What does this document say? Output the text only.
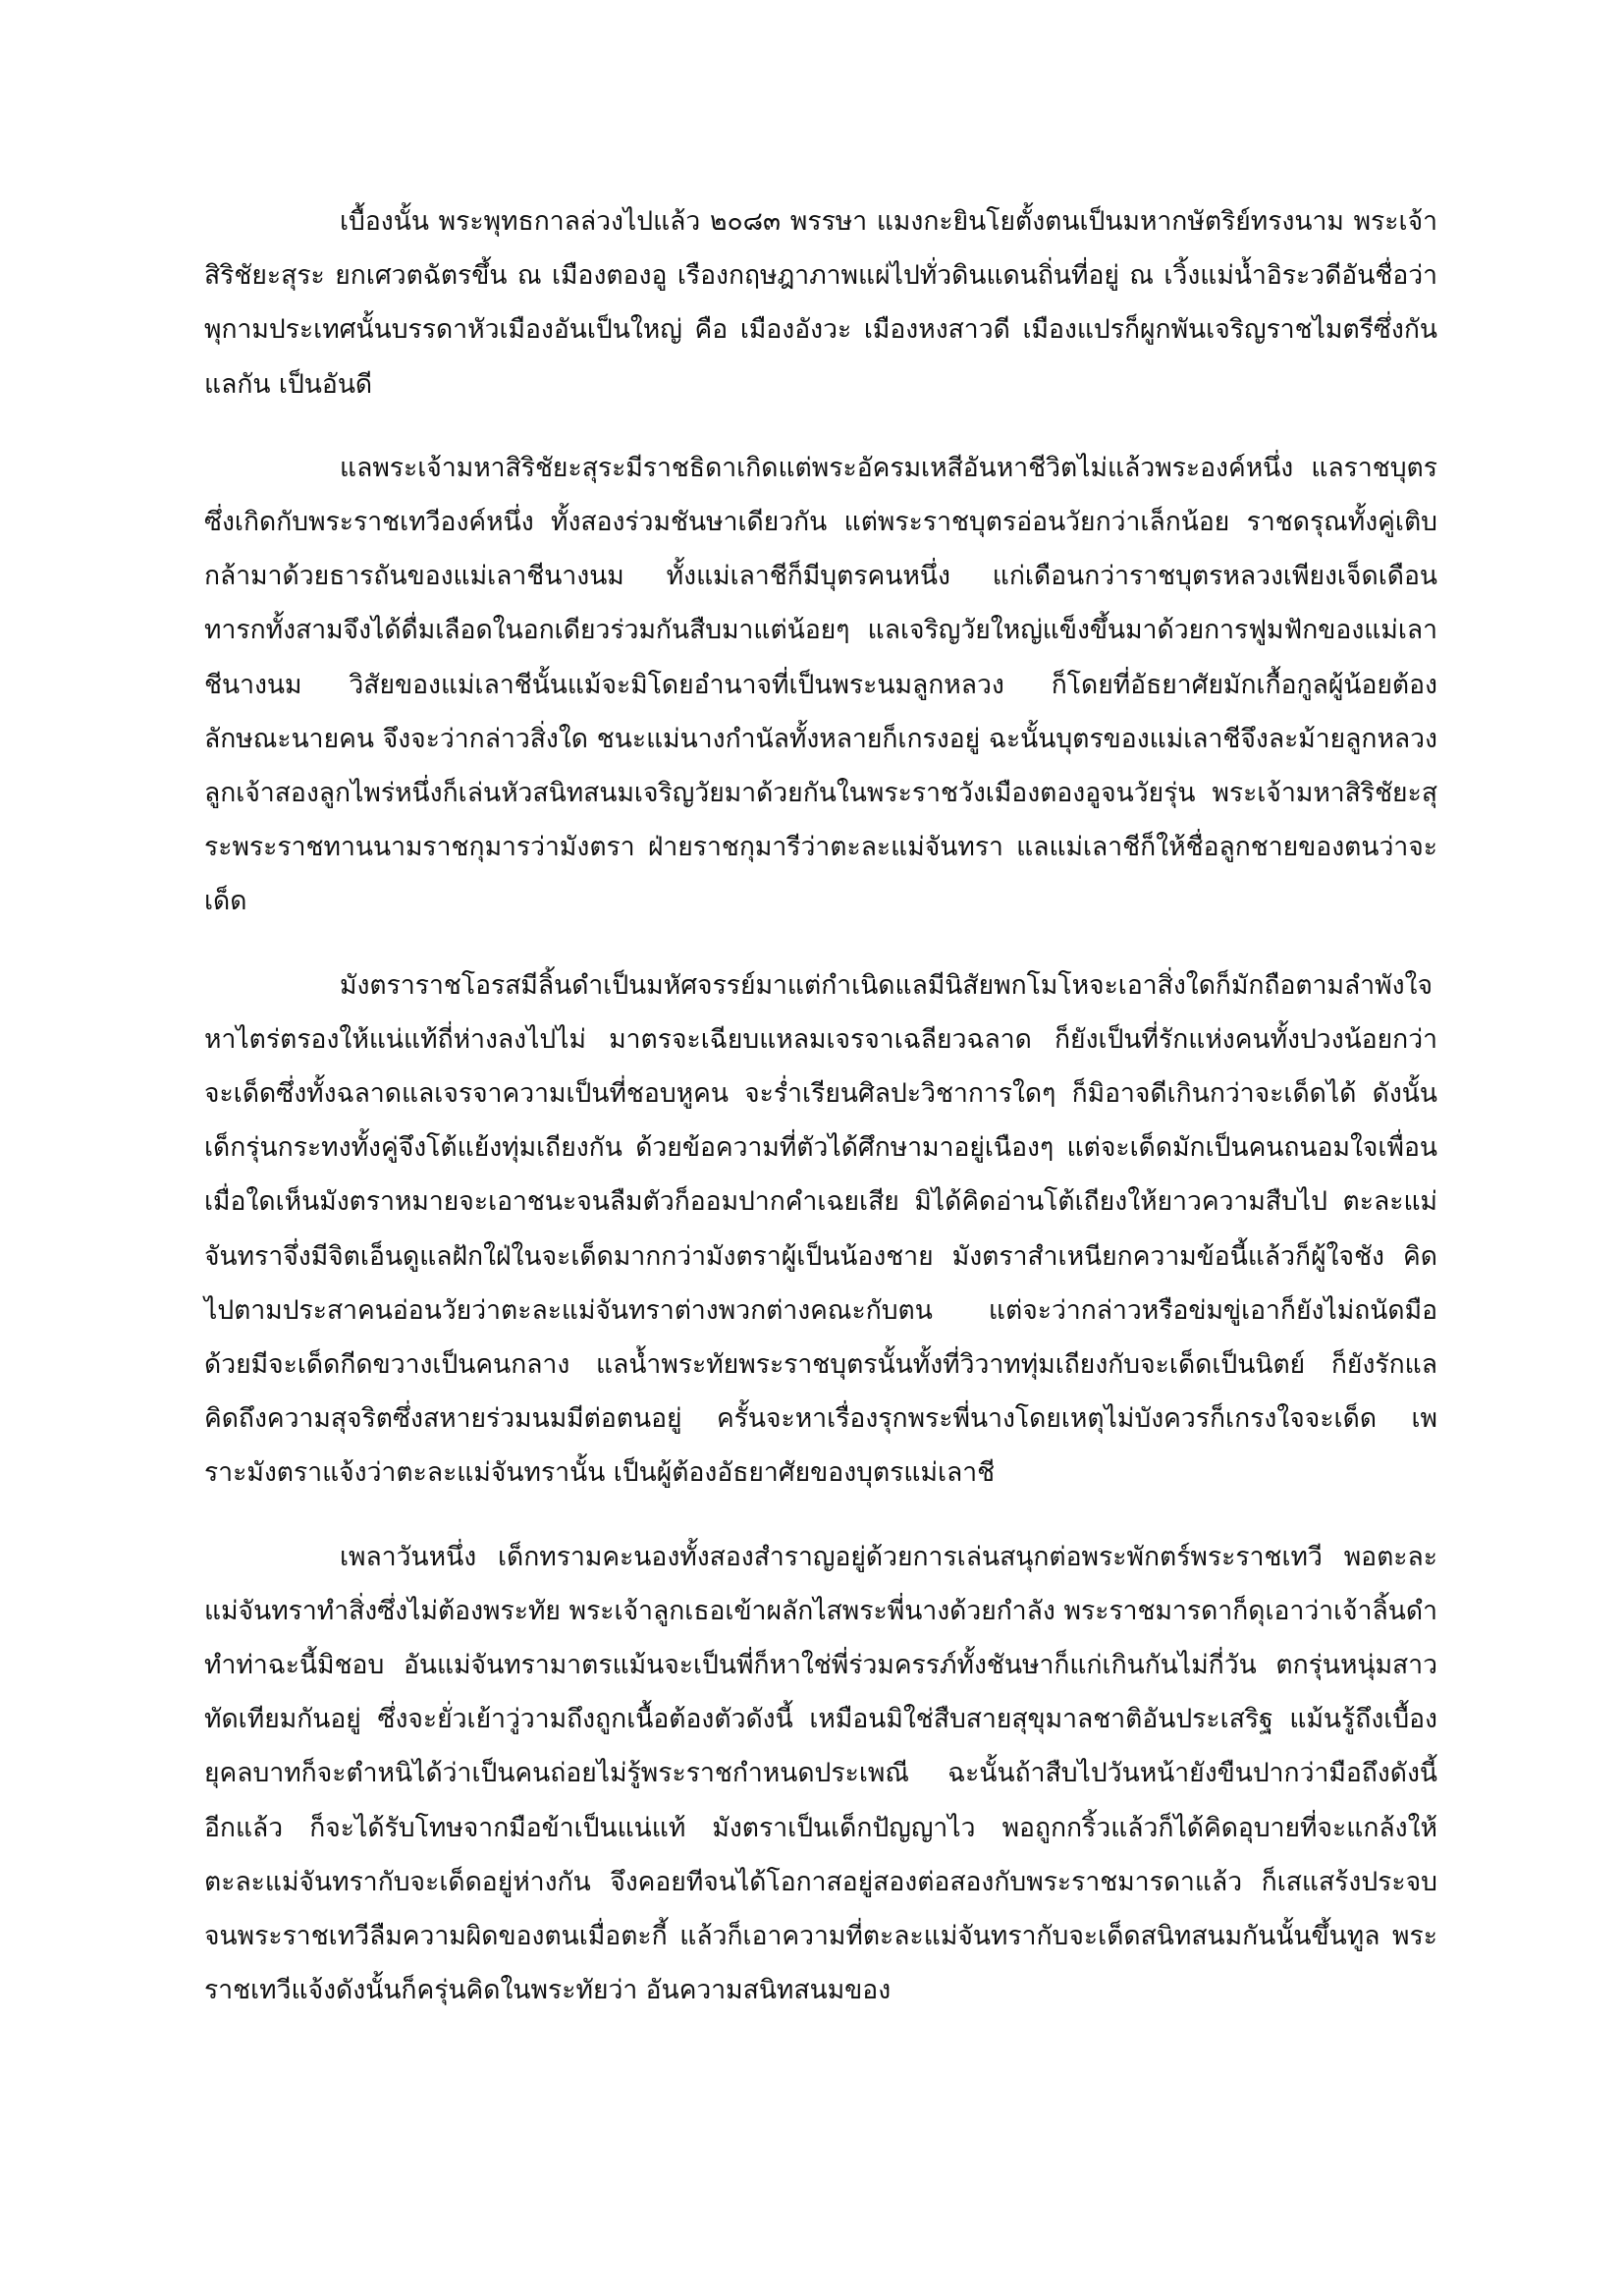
เบื้องนั้น พระพุทธกาลล่วงไปแล้ว ๒๐๘๓ พรรษา แมงกะยินโยตั้งตนเป็นมหากษัตริย์ทรงนาม พระเจ้าสิริชัยะสุระ ยกเศวตฉัตรขึ้น ณ เมืองตองอู เรืองกฤษฎาภาพแผ่ไปทั่วดินแดนถิ่นที่อยู่ ณ เวิ้งแม่น้ำอิระวดีอันชื่อว่าพุกามประเทศนั้นบรรดาหัวเมืองอันเป็นใหญ่ คือ เมืองอังวะ เมืองหงสาวดี เมืองแปรก็ผูกพันเจริญราชไมตรีซึ่งกันแลกัน เป็นอันดี

แลพระเจ้ามหาสิริชัยะสุระมีราชธิดาเกิดแต่พระอัครมเหสีอันหาชีวิตไม่แล้วพระองค์หนึ่ง แลราชบุตรซึ่งเกิดกับพระราชเทวีองค์หนึ่ง ทั้งสองร่วมชันษาเดียวกัน แต่พระราชบุตรอ่อนวัยกว่าเล็กน้อย ราชดรุณทั้งคู่เติบกล้ามาด้วยธารถันของแม่เลาชีนางนม ทั้งแม่เลาชีก็มีบุตรคนหนึ่ง แก่เดือนกว่าราชบุตรหลวงเพียงเจ็ดเดือน ทารกทั้งสามจึงได้ดื่มเลือดในอกเดียวร่วมกันสืบมาแต่น้อยๆ แลเจริญวัยใหญ่แข็งขึ้นมาด้วยการฟูมฟักของแม่เลาชีนางนม วิสัยของแม่เลาชีนั้นแม้จะมิโดยอำนาจที่เป็นพระนมลูกหลวง ก็โดยที่อัธยาศัยมักเกื้อกูลผู้น้อยต้องลักษณะนายคน จึงจะว่ากล่าวสิ่งใด ชนะแม่นางกำนัลทั้งหลายก็เกรงอยู่ ฉะนั้นบุตรของแม่เลาชีจึงละม้ายลูกหลวง ลูกเจ้าสองลูกไพร่หนึ่งก็เล่นหัวสนิทสนมเจริญวัยมาด้วยกันในพระราชวังเมืองตองอูจนวัยรุ่น พระเจ้ามหาสิริชัยะสุระพระราชทานนามราชกุมารว่ามังตรา ฝ่ายราชกุมารีว่าตะละแม่จันทรา แลแม่เลาชีก็ให้ชื่อลูกชายของตนว่าจะเด็ด

มังตราราชโอรสมีลิ้นดำเป็นมหัศจรรย์มาแต่กำเนิดแลมีนิสัยพกโมโหจะเอาสิ่งใดก็มักถือตามลำพังใจ หาไตร่ตรองให้แน่แท้ถี่ห่างลงไปไม่ มาตรจะเฉียบแหลมเจรจาเฉลียวฉลาด ก็ยังเป็นที่รักแห่งคนทั้งปวงน้อยกว่าจะเด็ดซึ่งทั้งฉลาดแลเจรจาความเป็นที่ชอบหูคน จะร่ำเรียนศิลปะวิชาการใดๆ ก็มิอาจดีเกินกว่าจะเด็ดได้ ดังนั้นเด็กรุ่นกระทงทั้งคู่จึงโต้แย้งทุ่มเถียงกัน ด้วยข้อความที่ตัวได้ศึกษามาอยู่เนืองๆ แต่จะเด็ดมักเป็นคนถนอมใจเพื่อน เมื่อใดเห็นมังตราหมายจะเอาชนะจนลืมตัวก็ออมปากคำเฉยเสีย มิได้คิดอ่านโต้เถียงให้ยาวความสืบไป ตะละแม่จันทราจึ่งมีจิตเอ็นดูแลฝักใฝ่ในจะเด็ดมากกว่ามังตราผู้เป็นน้องชาย มังตราสำเหนียกความข้อนี้แล้วก็ผู้ใจชัง คิดไปตามประสาคนอ่อนวัยว่าตะละแม่จันทราต่างพวกต่างคณะกับตน แต่จะว่ากล่าวหรือข่มขู่เอาก็ยังไม่ถนัดมือ ด้วยมีจะเด็ดกีดขวางเป็นคนกลาง แลน้ำพระทัยพระราชบุตรนั้นทั้งที่วิวาททุ่มเถียงกับจะเด็ดเป็นนิตย์ ก็ยังรักแลคิดถึงความสุจริตซึ่งสหายร่วมนมมีต่อตนอยู่ ครั้นจะหาเรื่องรุกพระพี่นางโดยเหตุไม่บังควรก็เกรงใจจะเด็ด เพราะมังตราแจ้งว่าตะละแม่จันทรานั้น เป็นผู้ต้องอัธยาศัยของบุตรแม่เลาชี

เพลาวันหนึ่ง เด็กทรามคะนองทั้งสองสำราญอยู่ด้วยการเล่นสนุกต่อพระพักตร์พระราชเทวี พอตะละแม่จันทราทำสิ่งซึ่งไม่ต้องพระทัย พระเจ้าลูกเธอเข้าผลักไสพระพี่นางด้วยกำลัง พระราชมารดาก็ดุเอาว่าเจ้าลิ้นดำทำท่าฉะนี้มิชอบ อันแม่จันทรามาตรแม้นจะเป็นพี่ก็หาใช่พี่ร่วมครรภ์ทั้งชันษาก็แก่เกินกันไม่กี่วัน ตกรุ่นหนุ่มสาวทัดเทียมกันอยู่ ซึ่งจะยั่วเย้าวู่วามถึงถูกเนื้อต้องตัวดังนี้ เหมือนมิใช่สืบสายสุขุมาลชาติอันประเสริฐ แม้นรู้ถึงเบื้องยุคลบาทก็จะตำหนิได้ว่าเป็นคนถ่อยไม่รู้พระราชกำหนดประเพณี ฉะนั้นถ้าสืบไปวันหน้ายังขืนปากว่ามือถึงดังนี้อีกแล้ว ก็จะได้รับโทษจากมือข้าเป็นแน่แท้ มังตราเป็นเด็กปัญญาไว พอถูกกริ้วแล้วก็ได้คิดอุบายที่จะแกล้งให้ตะละแม่จันทรากับจะเด็ดอยู่ห่างกัน จึงคอยทีจนได้โอกาสอยู่สองต่อสองกับพระราชมารดาแล้ว ก็เสแสร้งประจบจนพระราชเทวีลืมความผิดของตนเมื่อตะกี้ แล้วก็เอาความที่ตะละแม่จันทรากับจะเด็ดสนิทสนมกันนั้นขึ้นทูล พระราชเทวีแจ้งดังนั้นก็ครุ่นคิดในพระทัยว่า อันความสนิทสนมของ
